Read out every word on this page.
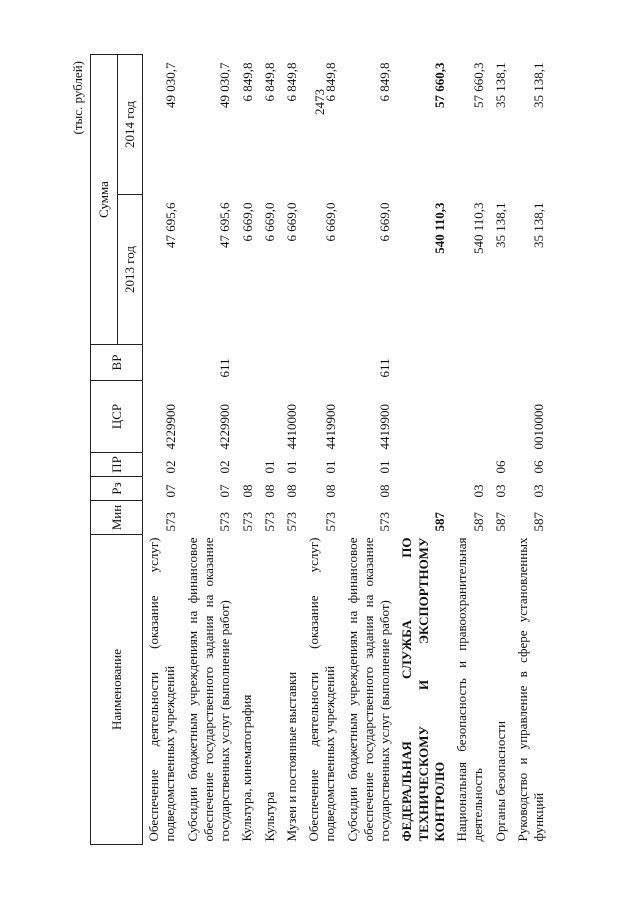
2473
(тыс. рублей)
Наименование	Мин	Рз	ПР	ЦСР	ВР	Сумма	
						2013 год	2014 год
Обеспечение деятельности (оказание услуг) подведомственных учреждений	573	07	02	4229900		47 695,6	49 030,7
Субсидии бюджетным учреждениям на финансовое обеспечение государственного задания на оказание государственных услуг (выполнение работ)	573	07	02	4229900	611	47 695,6	49 030,7
Культура, кинематография	573	08				6 669,0	6 849,8
Культура	573	08	01			6 669,0	6 849,8
Музеи и постоянные выставки	573	08	01	4410000		6 669,0	6 849,8
Обеспечение деятельности (оказание услуг) подведомственных учреждений	573	08	01	4419900		6 669,0	6 849,8
Субсидии бюджетным учреждениям на финансовое обеспечение государственного задания на оказание государственных услуг (выполнение работ)	573	08	01	4419900	611	6 669,0	6 849,8
ФЕДЕРАЛЬНАЯ СЛУЖБА ПО ТЕХНИЧЕСКОМУ И ЭКСПОРТНОМУ КОНТРОЛЮ	587					540 110,3	57 660,3
Национальная безопасность и правоохранительная деятельность	587	03				540 110,3	57 660,3
Органы безопасности	587	03	06			35 138,1	35 138,1
Руководство и управление в сфере установленных функций	587	03	06	0010000		35 138,1	35 138,1
